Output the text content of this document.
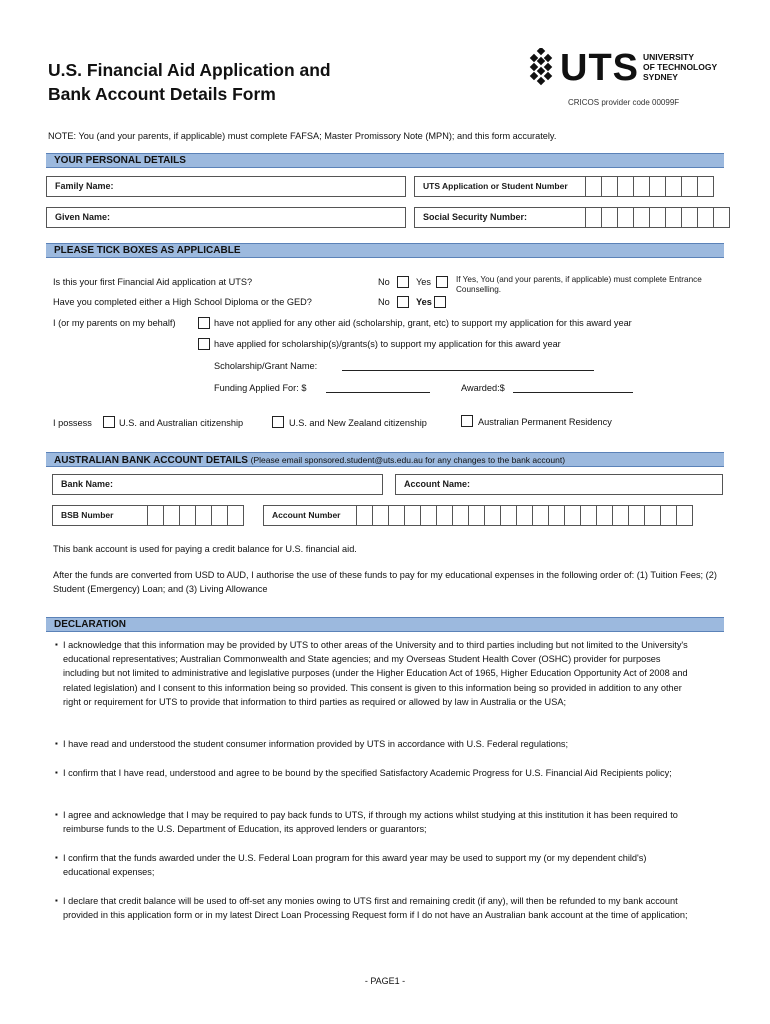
U.S. Financial Aid Application and
Bank Account Details Form
UTS UNIVERSITY
OF TECHNOLOGY
SYDNEY
CRICOS provider code 00099F
NOTE: You (and your parents, if applicable) must complete FAFSA; Master Promissory Note (MPN); and this form accurately.
YOUR PERSONAL DETAILS
Family Name:	UTS Application or Student Number
Given Name:	Social Security Number:
PLEASE TICK BOXES AS APPLICABLE
Is this your first Financial Aid application at UTS?	No	Yes	If Yes, You (and your parents, if applicable) must complete Entrance Counselling.
Have you completed either a High School Diploma or the GED?	No	Yes
I (or my parents on my behalf)	have not applied for any other aid (scholarship, grant, etc) to support my application for this award year
have applied for scholarship(s)/grants(s) to support my application for this award year
Scholarship/Grant Name:
Funding Applied For: $	Awarded:$
I possess	U.S. and Australian citizenship	U.S. and New Zealand citizenship	Australian Permanent Residency
AUSTRALIAN BANK ACCOUNT DETAILS (Please email sponsored.student@uts.edu.au for any changes to the bank account)
Bank Name:	Account Name:
BSB Number	Account Number
This bank account is used for paying a credit balance for U.S. financial aid.
After the funds are converted from USD to AUD, I authorise the use of these funds to pay for my educational expenses in the following order of: (1) Tuition Fees; (2) Student (Emergency) Loan; and (3) Living Allowance
DECLARATION
▪ I acknowledge that this information may be provided by UTS to other areas of the University and to third parties including but not limited to the University's educational representatives; Australian Commonwealth and State agencies; and my Overseas Student Health Cover (OSHC) provider for purposes including but not limited to administrative and legislative purposes (under the Higher Education Act of 1965, Higher Education Opportunity Act of 2008 and related legislation) and I consent to this information being so provided. This consent is given to this information being so provided in addition to any other right or requirement for UTS to provide that information to third parties as required or allowed by law in Australia or the USA;
▪ I have read and understood the student consumer information provided by UTS in accordance with U.S. Federal regulations;
▪ I confirm that I have read, understood and agree to be bound by the specified Satisfactory Academic Progress for U.S. Financial Aid Recipients policy;
▪ I agree and acknowledge that I may be required to pay back funds to UTS, if through my actions whilst studying at this institution it has been required to reimburse funds to the U.S. Department of Education, its approved lenders or guarantors;
▪ I confirm that the funds awarded under the U.S. Federal Loan program for this award year may be used to support my (or my dependent child's) educational expenses;
▪ I declare that credit balance will be used to off-set any monies owing to UTS first and remaining credit (if any), will then be refunded to my bank account provided in this application form or in my latest Direct Loan Processing Request form if I do not have an Australian bank account at the time of application;
- PAGE1 -
